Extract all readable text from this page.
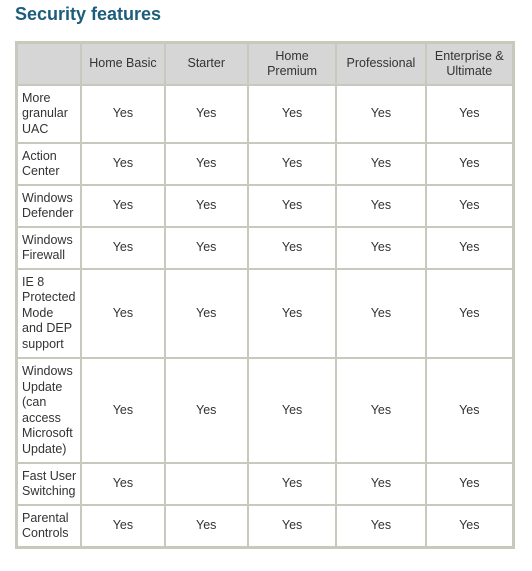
Security features
	Home Basic	Starter	Home Premium	Professional	Enterprise & Ultimate
More granular UAC	Yes	Yes	Yes	Yes	Yes
Action Center	Yes	Yes	Yes	Yes	Yes
Windows Defender	Yes	Yes	Yes	Yes	Yes
Windows Firewall	Yes	Yes	Yes	Yes	Yes
IE 8 Protected Mode and DEP support	Yes	Yes	Yes	Yes	Yes
Windows Update (can access Microsoft Update)	Yes	Yes	Yes	Yes	Yes
Fast User Switching	Yes		Yes	Yes	Yes
Parental Controls	Yes	Yes	Yes	Yes	Yes
